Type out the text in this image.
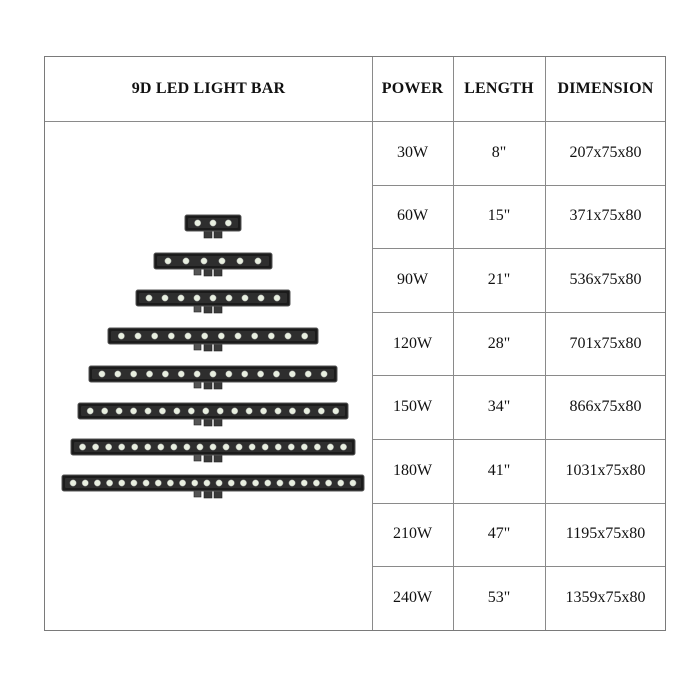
9D LED LIGHT BAR	POWER	LENGTH	DIMENSION
30W	8"	207x75x80
60W	15"	371x75x80
90W	21"	536x75x80
120W	28"	701x75x80
150W	34"	866x75x80
180W	41"	1031x75x80
210W	47"	1195x75x80
240W	53"	1359x75x80
